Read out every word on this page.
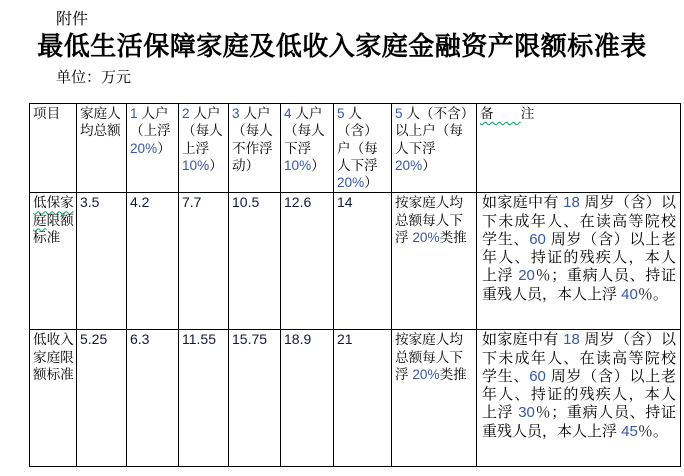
附件
最低生活保障家庭及低收入家庭金融资产限额标准表
单位：万元
项目	家庭人均总额	1 人户（上浮 20%）	2 人户（每人上浮 10%）	3 人户（每人不作浮动）	4 人户（每人下浮 10%）	5 人（含）户（每人下浮 20%）	5 人（不含）以上户（每人下浮 20%）	备　　注
低保家庭限额标准	3.5	4.2	7.7	10.5	12.6	14	按家庭人均总额每人下浮 20%类推	如家庭中有 18 周岁（含）以下未成年人、在读高等院校学生、60 周岁（含）以上老年人、持证的残疾人，本人上浮 20％；重病人员、持证重残人员，本人上浮 40％。
低收入家庭限额标准	5.25	6.3	11.55	15.75	18.9	21	按家庭人均总额每人下浮 20%类推	如家庭中有 18 周岁（含）以下未成年人、在读高等院校学生、60 周岁（含）以上老年人、持证的残疾人，本人上浮 30％；重病人员、持证重残人员，本人上浮 45％。
